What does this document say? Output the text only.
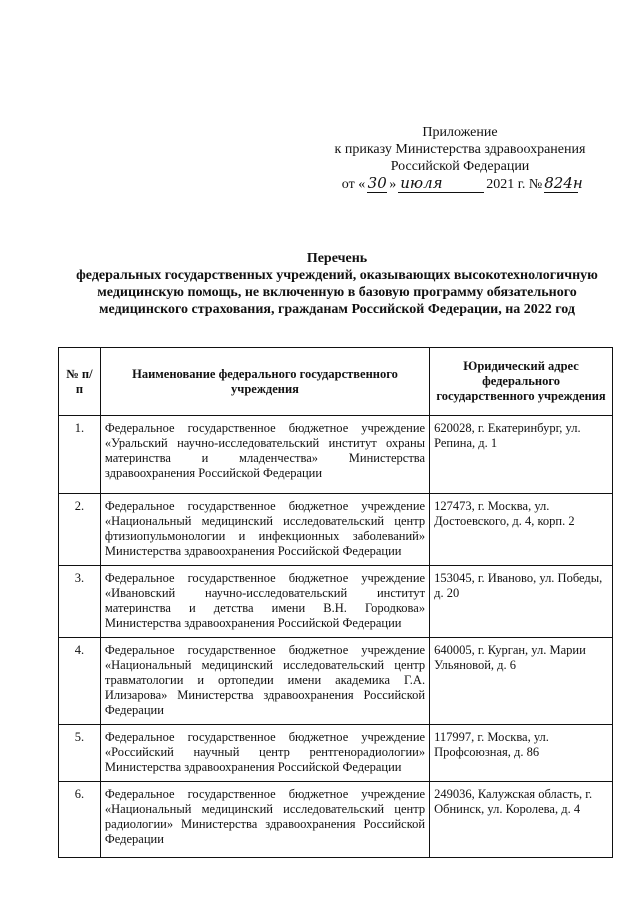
Приложение
к приказу Министерства здравоохранения
Российской Федерации
от « 30 » июля	2021 г. № 824н
Перечень
федеральных государственных учреждений, оказывающих высокотехнологичную медицинскую помощь, не включенную в базовую программу обязательного медицинского страхования, гражданам Российской Федерации, на 2022 год
№ п/п	Наименование федерального государственного учреждения	Юридический адрес федерального государственного учреждения
1.	Федеральное государственное бюджетное учреждение «Уральский научно-исследовательский институт охраны материнства и младенчества» Министерства здравоохранения Российской Федерации	620028, г. Екатеринбург, ул. Репина, д. 1
2.	Федеральное государственное бюджетное учреждение «Национальный медицинский исследовательский центр фтизиопульмонологии и инфекционных заболеваний» Министерства здравоохранения Российской Федерации	127473, г. Москва, ул. Достоевского, д. 4, корп. 2
3.	Федеральное государственное бюджетное учреждение «Ивановский научно-исследовательский институт материнства и детства имени В.Н. Городкова» Министерства здравоохранения Российской Федерации	153045, г. Иваново, ул. Победы, д. 20
4.	Федеральное государственное бюджетное учреждение «Национальный медицинский исследовательский центр травматологии и ортопедии имени академика Г.А. Илизарова» Министерства здравоохранения Российской Федерации	640005, г. Курган, ул. Марии Ульяновой, д. 6
5.	Федеральное государственное бюджетное учреждение «Российский научный центр рентгенорадиологии» Министерства здравоохранения Российской Федерации	117997, г. Москва, ул. Профсоюзная, д. 86
6.	Федеральное государственное бюджетное учреждение «Национальный медицинский исследовательский центр радиологии» Министерства здравоохранения Российской Федерации	249036, Калужская область, г. Обнинск, ул. Королева, д. 4
